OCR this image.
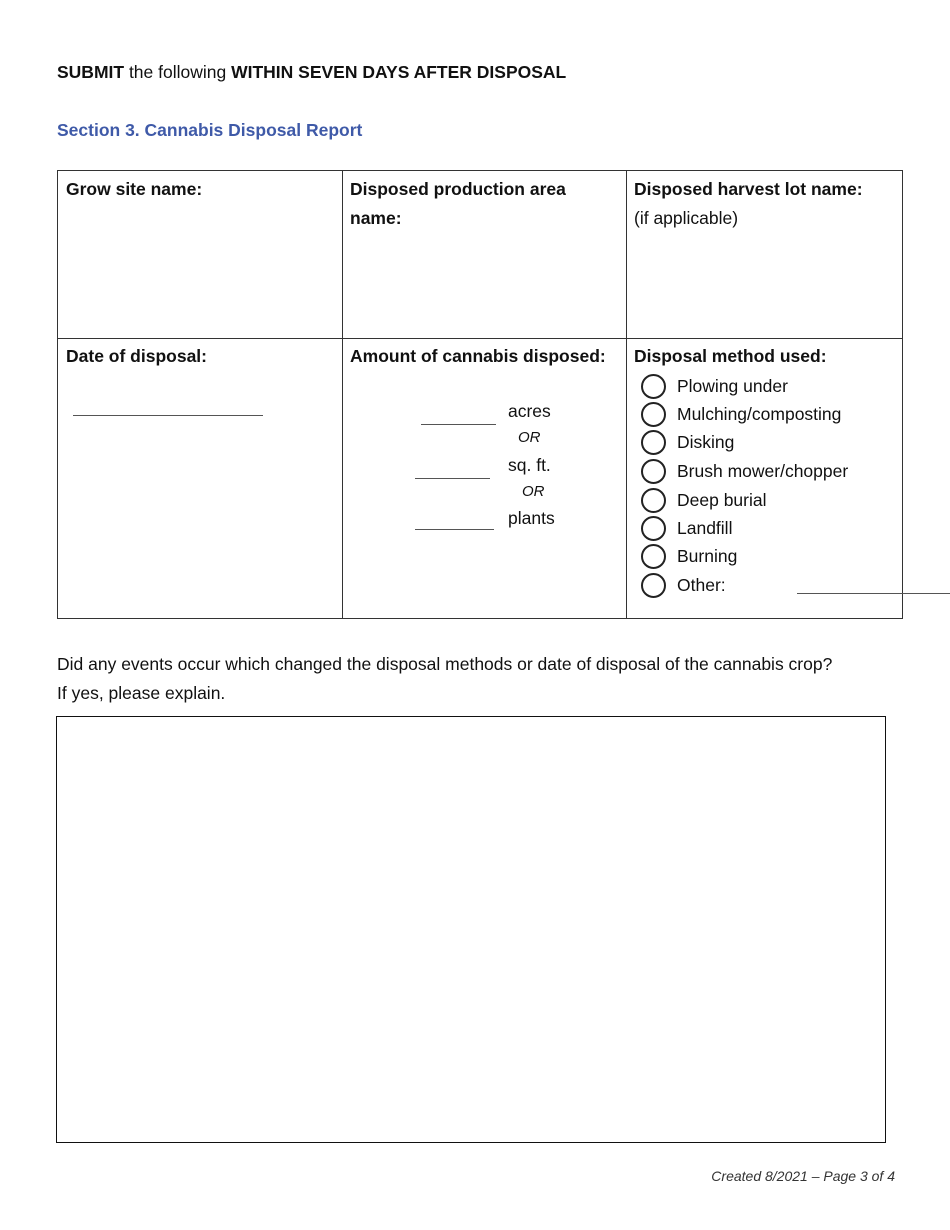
SUBMIT the following WITHIN SEVEN DAYS AFTER DISPOSAL
Section 3. Cannabis Disposal Report
Grow site name:	Disposed production area name:
Disposed harvest lot name:
(if applicable)
Date of disposal:	Amount of cannabis disposed:
acres
OR
sq. ft.
OR
plants
Disposal method used:
Plowing under
Mulching/composting
Disking
Brush mower/chopper
Deep burial
Landfill
Burning
Other:
Did any events occur which changed the disposal methods or date of disposal of the cannabis crop?
If yes, please explain.
Created 8/2021 – Page 3 of 4
